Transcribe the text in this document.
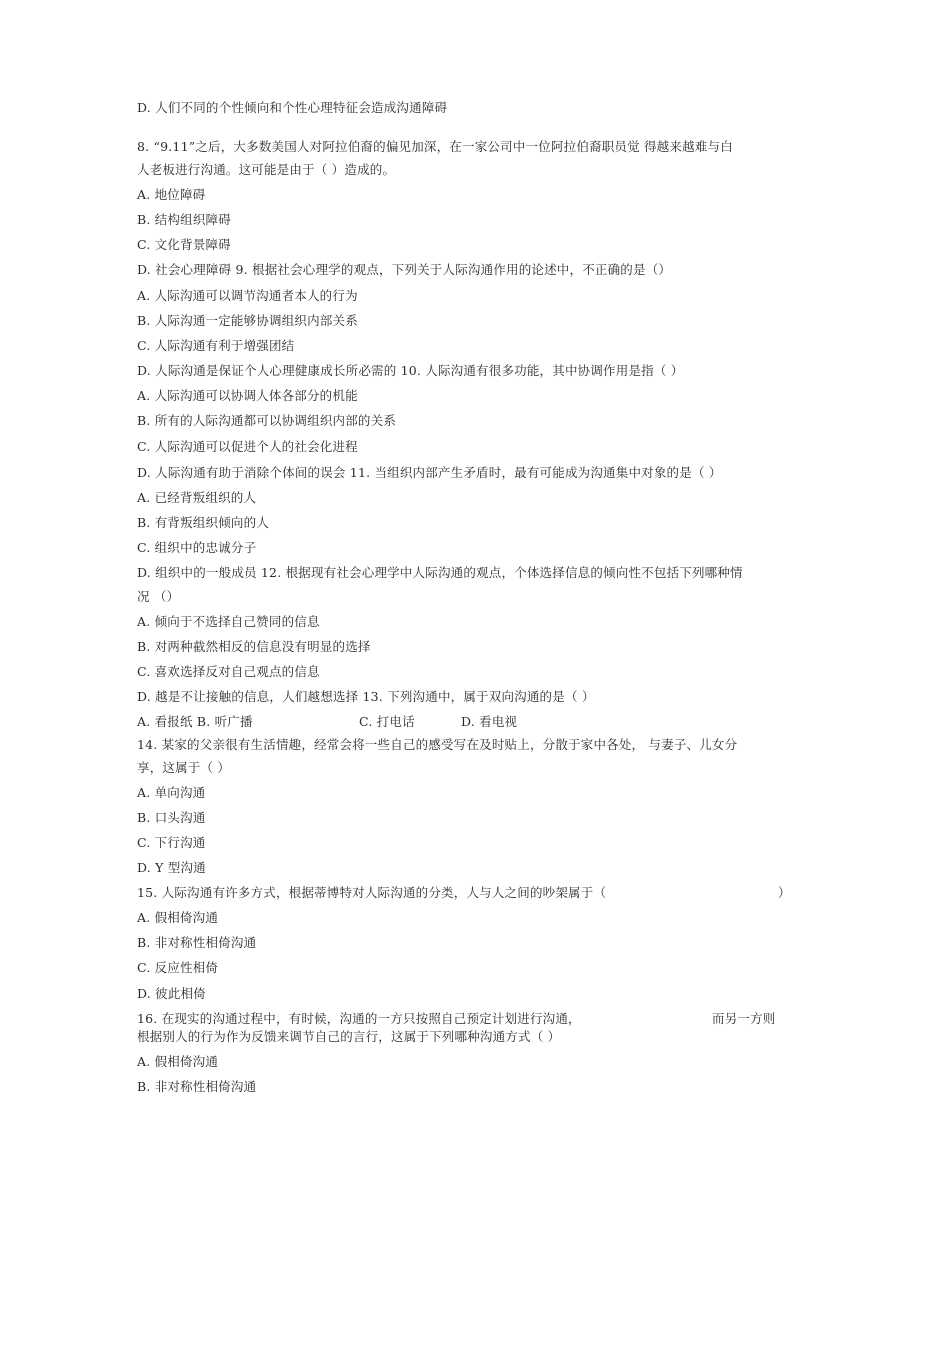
D. 人们不同的个性倾向和个性心理特征会造成沟通障碍
8. “9.11”之后，大多数美国人对阿拉伯裔的偏见加深，在一家公司中一位阿拉伯裔职员觉 得越来越难与白
人老板进行沟通。这可能是由于（ ）造成的。
A. 地位障碍
B. 结构组织障碍
C. 文化背景障碍
D. 社会心理障碍 9. 根据社会心理学的观点，下列关于人际沟通作用的论述中，不正确的是（）
A. 人际沟通可以调节沟通者本人的行为
B. 人际沟通一定能够协调组织内部关系
C. 人际沟通有利于增强团结
D. 人际沟通是保证个人心理健康成长所必需的 10. 人际沟通有很多功能，其中协调作用是指（ ）
A. 人际沟通可以协调人体各部分的机能
B. 所有的人际沟通都可以协调组织内部的关系
C. 人际沟通可以促进个人的社会化进程
D. 人际沟通有助于消除个体间的误会 11. 当组织内部产生矛盾时，最有可能成为沟通集中对象的是（ ）
A. 已经背叛组织的人
B. 有背叛组织倾向的人
C. 组织中的忠诚分子
D. 组织中的一般成员 12. 根据现有社会心理学中人际沟通的观点，个体选择信息的倾向性不包括下列哪种情
况 （）
A. 倾向于不选择自己赞同的信息
B. 对两种截然相反的信息没有明显的选择
C. 喜欢选择反对自己观点的信息
D. 越是不让接触的信息，人们越想选择 13. 下列沟通中，属于双向沟通的是（ ）
A. 看报纸 B. 听广播	C. 打电话	D. 看电视
14. 某家的父亲很有生活情趣，经常会将一些自己的感受写在及时贴上，分散于家中各处， 与妻子、儿女分
享，这属于（ ）
A. 单向沟通
B. 口头沟通
C. 下行沟通
D. Y 型沟通
15. 人际沟通有许多方式，根据蒂博特对人际沟通的分类，人与人之间的吵架属于（	）
A. 假相倚沟通
B. 非对称性相倚沟通
C. 反应性相倚
D. 彼此相倚
16. 在现实的沟通过程中，有时候，沟通的一方只按照自己预定计划进行沟通，	而另一方则
根据别人的行为作为反馈来调节自己的言行，这属于下列哪种沟通方式（ ）
A. 假相倚沟通
B. 非对称性相倚沟通
